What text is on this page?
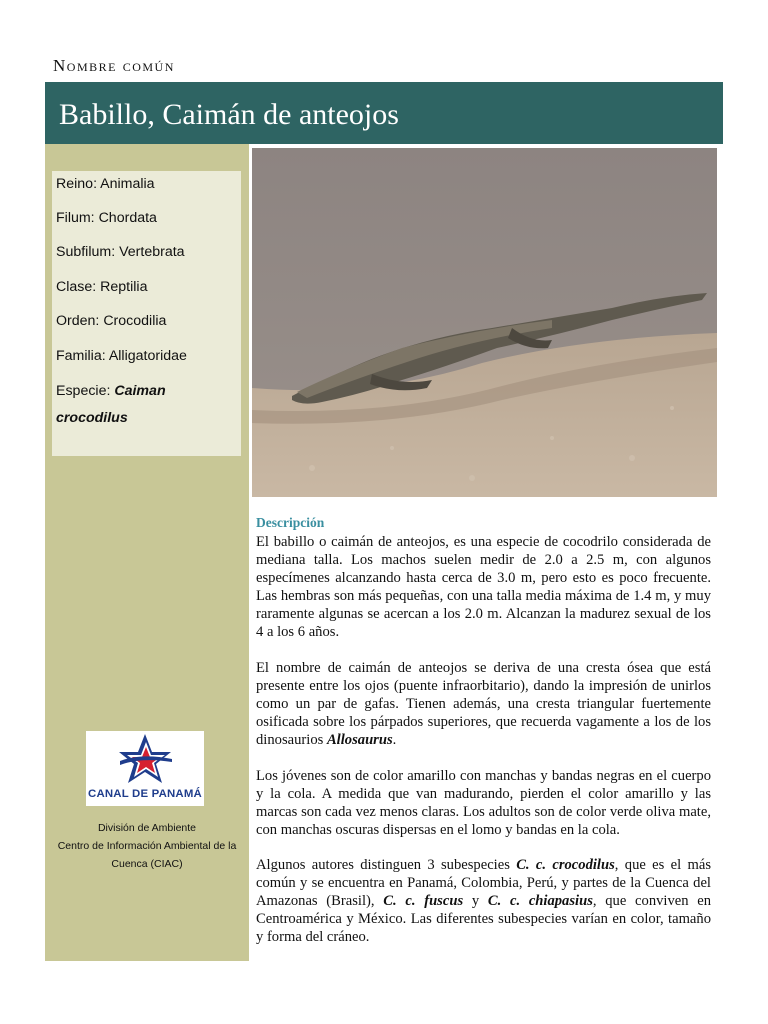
Nombre común
Babillo, Caimán de anteojos
Reino: Animalia
Filum: Chordata
Subfilum: Vertebrata
Clase: Reptilia
Orden: Crocodilia
Familia: Alligatoridae
Especie: Caiman
crocodilus
CANAL DE PANAMÁ
División de Ambiente
Centro de Información Ambiental de la
Cuenca (CIAC)
Descripción
El babillo o caimán de anteojos, es una especie de cocodrilo considerada de mediana talla. Los machos suelen medir de 2.0 a 2.5 m, con algunos especímenes alcanzando hasta cerca de 3.0 m, pero esto es poco frecuente. Las hembras son más pequeñas, con una talla media máxima de 1.4 m, y muy raramente algunas se acercan a los 2.0 m. Alcanzan la madurez sexual de los 4 a los 6 años.
El nombre de caimán de anteojos se deriva de una cresta ósea que está presente entre los ojos (puente infraorbitario), dando la impresión de unirlos como un par de gafas. Tienen además, una cresta triangular fuertemente osificada sobre los párpados superiores, que recuerda vagamente a los de los dinosaurios Allosaurus.
Los jóvenes son de color amarillo con manchas y bandas negras en el cuerpo y la cola. A medida que van madurando, pierden el color amarillo y las marcas son cada vez menos claras. Los adultos son de color verde oliva mate, con manchas oscuras dispersas en el lomo y bandas en la cola.
Algunos autores distinguen 3 subespecies C. c. crocodilus, que es el más común y se encuentra en Panamá, Colombia, Perú, y partes de la Cuenca del Amazonas (Brasil), C. c. fuscus y C. c. chiapasius, que conviven en Centroamérica y México. Las diferentes subespecies varían en color, tamaño y forma del cráneo.
